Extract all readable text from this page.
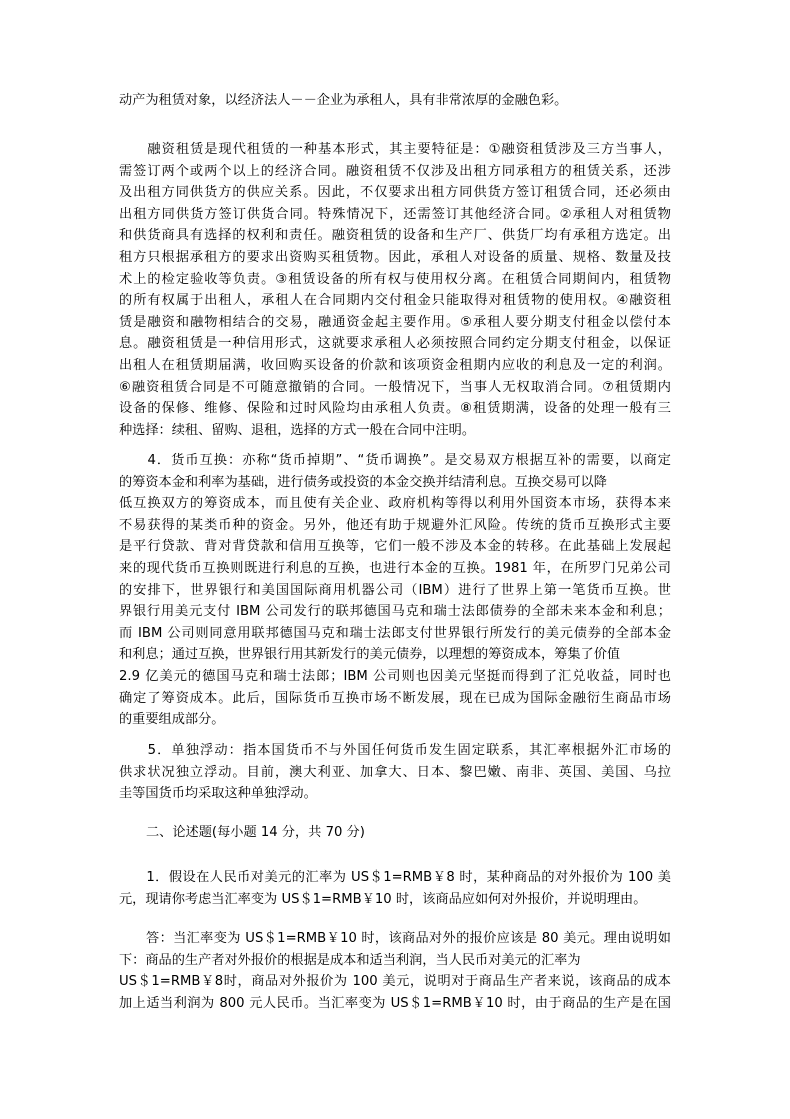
动产为租赁对象，以经济法人－－企业为承租人，具有非常浓厚的金融色彩。
　　融资租赁是现代租赁的一种基本形式，其主要特征是：①融资租赁涉及三方当事人，
需签订两个或两个以上的经济合同。融资租赁不仅涉及出租方同承租方的租赁关系，还涉
及出租方同供货方的供应关系。因此，不仅要求出租方同供货方签订租赁合同，还必须由
出租方同供货方签订供货合同。特殊情况下，还需签订其他经济合同。②承租人对租赁物
和供货商具有选择的权利和责任。融资租赁的设备和生产厂、供货厂均有承租方选定。出
租方只根据承租方的要求出资购买租赁物。因此，承租人对设备的质量、规格、数量及技
术上的检定验收等负责。③租赁设备的所有权与使用权分离。在租赁合同期间内，租赁物
的所有权属于出租人，承租人在合同期内交付租金只能取得对租赁物的使用权。④融资租
赁是融资和融物相结合的交易，融通资金起主要作用。⑤承租人要分期支付租金以偿付本
息。融资租赁是一种信用形式，这就要求承租人必须按照合同约定分期支付租金，以保证
出租人在租赁期届满，收回购买设备的价款和该项资金租期内应收的利息及一定的利润。
⑥融资租赁合同是不可随意撤销的合同。一般情况下，当事人无权取消合同。⑦租赁期内
设备的保修、维修、保险和过时风险均由承租人负责。⑧租赁期满，设备的处理一般有三
种选择：续租、留购、退租，选择的方式一般在合同中注明。
　　4．货币互换：亦称“货币掉期”、“货币调换”。是交易双方根据互补的需要，以商定
的筹资本金和利率为基础，进行债务或投资的本金交换并结清利息。互换交易可以降
低互换双方的筹资成本，而且使有关企业、政府机构等得以利用外国资本市场，获得本来
不易获得的某类币种的资金。另外，他还有助于规避外汇风险。传统的货币互换形式主要
是平行贷款、背对背贷款和信用互换等，它们一般不涉及本金的转移。在此基础上发展起
来的现代货币互换则既进行利息的互换，也进行本金的互换。1981 年，在所罗门兄弟公司
的安排下，世界银行和美国国际商用机器公司（IBM）进行了世界上第一笔货币互换。世
界银行用美元支付 IBM 公司发行的联邦德国马克和瑞士法郎债券的全部未来本金和利息；
而 IBM 公司则同意用联邦德国马克和瑞士法郎支付世界银行所发行的美元债券的全部本金
和利息；通过互换，世界银行用其新发行的美元债券，以理想的筹资成本，筹集了价值
2.9 亿美元的德国马克和瑞士法郎；IBM 公司则也因美元坚挺而得到了汇兑收益，同时也
确定了筹资成本。此后，国际货币互换市场不断发展，现在已成为国际金融衍生商品市场
的重要组成部分。
　　5．单独浮动：指本国货币不与外国任何货币发生固定联系，其汇率根据外汇市场的
供求状况独立浮动。目前，澳大利亚、加拿大、日本、黎巴嫩、南非、英国、美国、乌拉
圭等国货币均采取这种单独浮动。
二、论述题(每小题 14 分，共 70 分)
　　1．假设在人民币对美元的汇率为 US＄1=RMB￥8 时，某种商品的对外报价为 100 美
元，现请你考虑当汇率变为 US＄1=RMB￥10 时，该商品应如何对外报价，并说明理由。
　　答：当汇率变为 US＄1=RMB￥10 时，该商品对外的报价应该是 80 美元。理由说明如
下：商品的生产者对外报价的根据是成本和适当利润，当人民币对美元的汇率为
US＄1=RMB￥8时，商品对外报价为 100 美元，说明对于商品生产者来说，该商品的成本
加上适当利润为 800 元人民币。当汇率变为 US＄1=RMB￥10 时，由于商品的生产是在国
